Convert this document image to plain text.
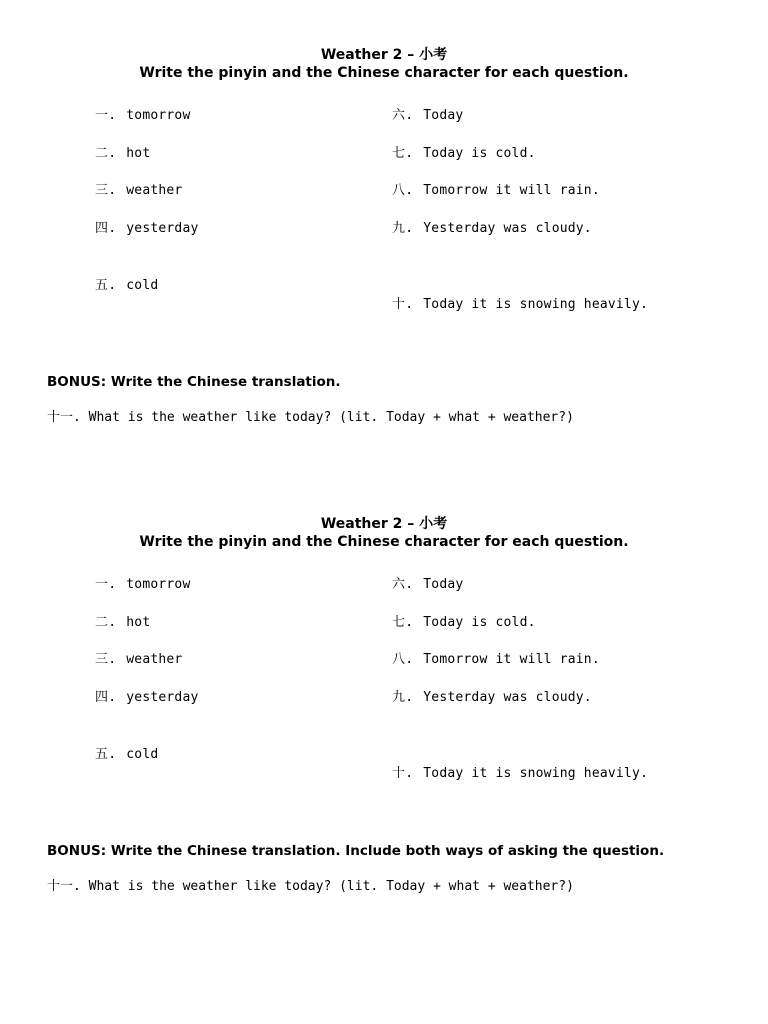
Weather 2 – 小考
Write the pinyin and the Chinese character for each question.
一. tomorrow
二. hot
三. weather
四. yesterday
五. cold
六. Today
七. Today is cold.
八. Tomorrow it will rain.
九. Yesterday was cloudy.
十. Today it is snowing heavily.
BONUS: Write the Chinese translation.
十一. What is the weather like today? (lit. Today + what + weather?)
Weather 2 – 小考
Write the pinyin and the Chinese character for each question.
一. tomorrow
二. hot
三. weather
四. yesterday
五. cold
六. Today
七. Today is cold.
八. Tomorrow it will rain.
九. Yesterday was cloudy.
十. Today it is snowing heavily.
BONUS: Write the Chinese translation. Include both ways of asking the question.
十一. What is the weather like today? (lit. Today + what + weather?)
